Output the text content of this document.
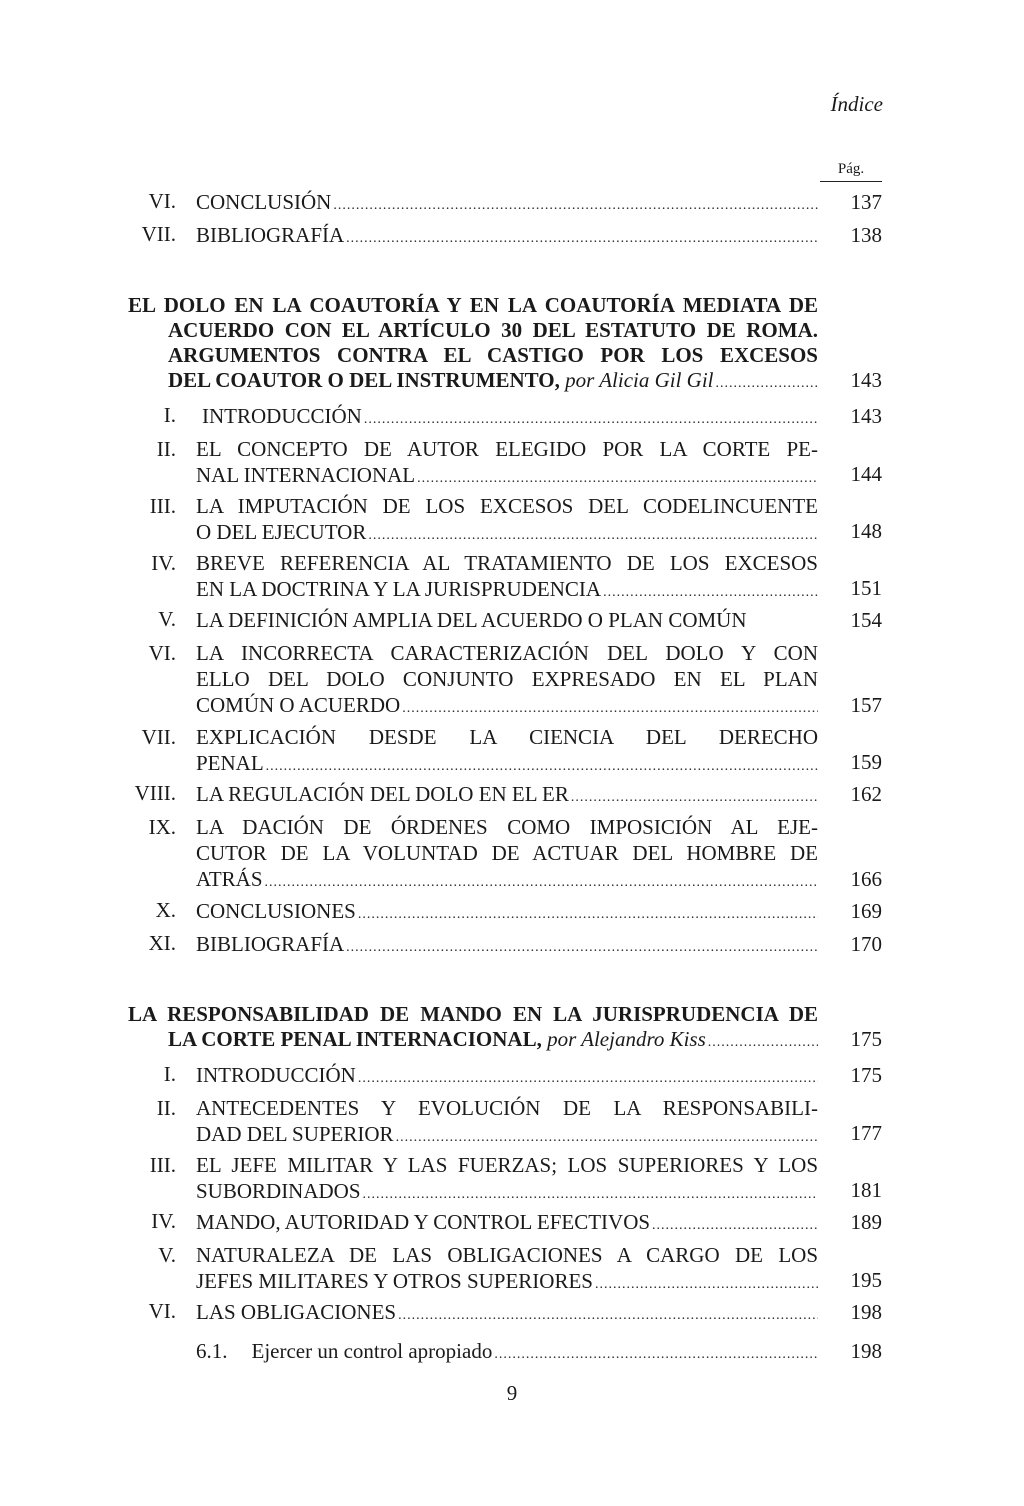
Índice
Pág.
VI. CONCLUSIÓN .....	137
VII. BIBLIOGRAFÍA .....	138
EL DOLO EN LA COAUTORÍA Y EN LA COAUTORÍA MEDIATA DE
ACUERDO CON EL ARTÍCULO 30 DEL ESTATUTO DE ROMA.
ARGUMENTOS CONTRA EL CASTIGO POR LOS EXCESOS
DEL COAUTOR O DEL INSTRUMENTO,
por Alicia Gil Gil .....	143
I. INTRODUCCIÓN .....	143
II. EL CONCEPTO DE AUTOR ELEGIDO POR LA CORTE PE-
NAL INTERNACIONAL .....	144
III. LA IMPUTACIÓN DE LOS EXCESOS DEL CODELINCUENTE
O DEL EJECUTOR .....	148
IV. BREVE REFERENCIA AL TRATAMIENTO DE LOS EXCESOS
EN LA DOCTRINA Y LA JURISPRUDENCIA .....	151
V. LA DEFINICIÓN AMPLIA DEL ACUERDO O PLAN COMÚN	154
VI. LA INCORRECTA CARACTERIZACIÓN DEL DOLO Y CON
ELLO DEL DOLO CONJUNTO EXPRESADO EN EL PLAN
COMÚN O ACUERDO .....	157
VII. EXPLICACIÓN DESDE LA CIENCIA DEL DERECHO
PENAL .....	159
VIII. LA REGULACIÓN DEL DOLO EN EL ER .....	162
IX. LA DACIÓN DE ÓRDENES COMO IMPOSICIÓN AL EJE-
CUTOR DE LA VOLUNTAD DE ACTUAR DEL HOMBRE DE
ATRÁS .....	166
X. CONCLUSIONES .....	169
XI. BIBLIOGRAFÍA .....	170
LA RESPONSABILIDAD DE MANDO EN LA JURISPRUDENCIA DE
LA CORTE PENAL INTERNACIONAL,
por Alejandro Kiss .....	175
I. INTRODUCCIÓN .....	175
II. ANTECEDENTES Y EVOLUCIÓN DE LA RESPONSABILI-
DAD DEL SUPERIOR .....	177
III. EL JEFE MILITAR Y LAS FUERZAS; LOS SUPERIORES Y LOS
SUBORDINADOS .....	181
IV. MANDO, AUTORIDAD Y CONTROL EFECTIVOS .....	189
V. NATURALEZA DE LAS OBLIGACIONES A CARGO DE LOS
JEFES MILITARES Y OTROS SUPERIORES .....	195
VI. LAS OBLIGACIONES .....	198
6.1. Ejercer un control apropiado .....	198
9
